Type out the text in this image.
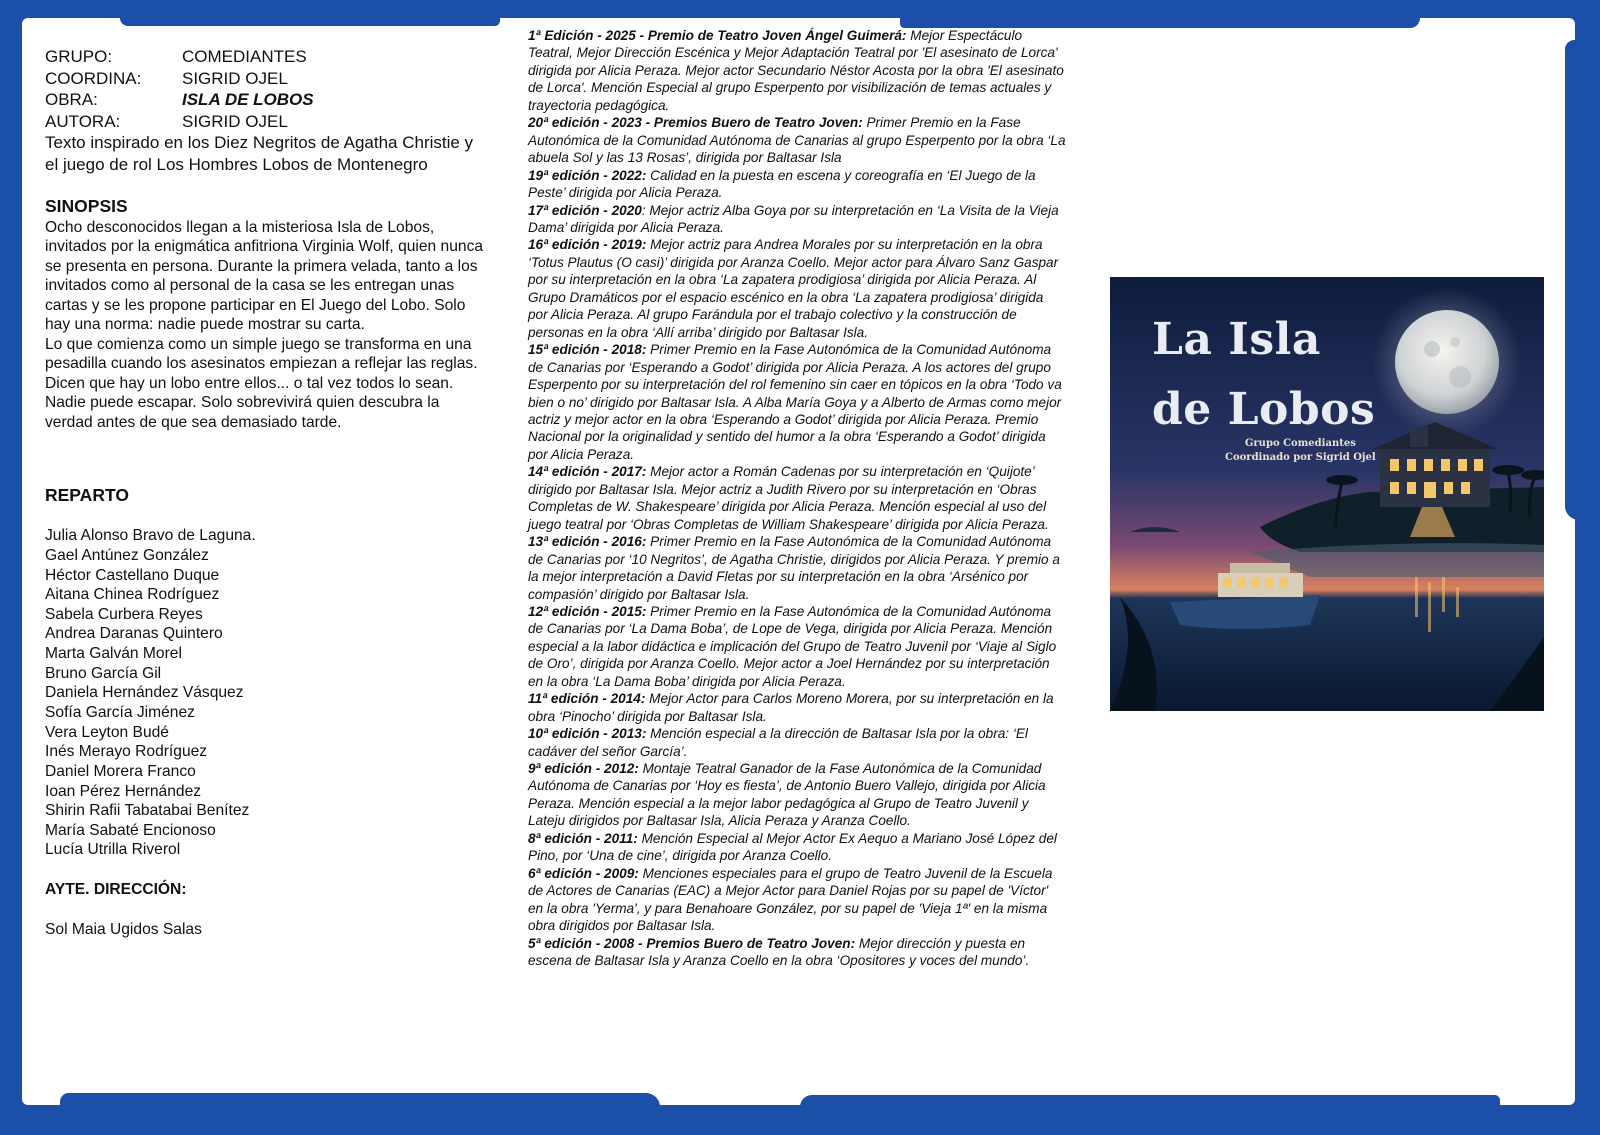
GRUPO:	COMEDIANTES
COORDINA:	SIGRID OJEL
OBRA:	ISLA DE LOBOS
AUTORA:	SIGRID OJEL
Texto inspirado en los Diez Negritos de Agatha Christie y el juego de rol Los Hombres Lobos de Montenegro
SINOPSIS

Ocho desconocidos llegan a la misteriosa Isla de Lobos, invitados por la enigmática anfitriona Virginia Wolf, quien nunca se presenta en persona. Durante la primera velada, tanto a los invitados como al personal de la casa se les entregan unas cartas y se les propone participar en El Juego del Lobo. Solo hay una norma: nadie puede mostrar su carta.

Lo que comienza como un simple juego se transforma en una pesadilla cuando los asesinatos empiezan a reflejar las reglas. Dicen que hay un lobo entre ellos... o tal vez todos lo sean. Nadie puede escapar. Solo sobrevivirá quien descubra la verdad antes de que sea demasiado tarde.

REPARTO
Julia Alonso Bravo de Laguna.
Gael Antúnez González
Héctor Castellano Duque
Aitana Chinea Rodríguez
Sabela Curbera Reyes
Andrea Daranas Quintero
Marta Galván Morel
Bruno García Gil
Daniela Hernández Vásquez
Sofía García Jiménez
Vera Leyton Budé
Inés Merayo Rodríguez
Daniel Morera Franco
Ioan Pérez Hernández
Shirin Rafii Tabatabai Benítez
María Sabaté Encionoso
Lucía Utrilla Riverol
AYTE. DIRECCIÓN:
Sol Maia Ugidos Salas

1ª Edición - 2025 - Premio de Teatro Joven Ángel Guimerá: Mejor Espectáculo Teatral, Mejor Dirección Escénica y Mejor Adaptación Teatral por 'El asesinato de Lorca' dirigida por Alicia Peraza. Mejor actor Secundario Néstor Acosta por la obra 'El asesinato de Lorca'. Mención Especial al grupo Esperpento por visibilización de temas actuales y trayectoria pedagógica.

20ª edición - 2023 - Premios Buero de Teatro Joven: Primer Premio en la Fase Autonómica de la Comunidad Autónoma de Canarias al grupo Esperpento por la obra ‘La abuela Sol y las 13 Rosas’, dirigida por Baltasar Isla

19ª edición - 2022: Calidad en la puesta en escena y coreografía en ‘El Juego de la Peste’ dirigida por Alicia Peraza.

17ª edición - 2020: Mejor actriz Alba Goya por su interpretación en ‘La Visita de la Vieja Dama’ dirigida por Alicia Peraza.

16ª edición - 2019: Mejor actriz para Andrea Morales por su interpretación en la obra ‘Totus Plautus (O casi)’ dirigida por Aranza Coello. Mejor actor para Álvaro Sanz Gaspar por su interpretación en la obra ‘La zapatera prodigiosa’ dirigida por Alicia Peraza. Al Grupo Dramáticos por el espacio escénico en la obra ‘La zapatera prodigiosa’ dirigida por Alicia Peraza. Al grupo Farándula por el trabajo colectivo y la construcción de personas en la obra ‘Allí arriba’ dirigido por Baltasar Isla.

15ª edición - 2018: Primer Premio en la Fase Autonómica de la Comunidad Autónoma de Canarias por ‘Esperando a Godot’ dirigida por Alicia Peraza. A los actores del grupo Esperpento por su interpretación del rol femenino sin caer en tópicos en la obra ‘Todo va bien o no’ dirigido por Baltasar Isla. A Alba María Goya y a Alberto de Armas como mejor actriz y mejor actor en la obra ‘Esperando a Godot’ dirigida por Alicia Peraza. Premio Nacional por la originalidad y sentido del humor a la obra ‘Esperando a Godot’ dirigida por Alicia Peraza.

14ª edición - 2017: Mejor actor a Román Cadenas por su interpretación en ‘Quijote’ dirigido por Baltasar Isla. Mejor actriz a Judith Rivero por su interpretación en ‘Obras Completas de W. Shakespeare’ dirigida por Alicia Peraza. Mención especial al uso del juego teatral por ‘Obras Completas de William Shakespeare’ dirigida por Alicia Peraza.

13ª edición - 2016: Primer Premio en la Fase Autonómica de la Comunidad Autónoma de Canarias por ‘10 Negritos’, de Agatha Christie, dirigidos por Alicia Peraza. Y premio a la mejor interpretación a David Fletas por su interpretación en la obra ‘Arsénico por compasión’ dirigido por Baltasar Isla.

12ª edición - 2015: Primer Premio en la Fase Autonómica de la Comunidad Autónoma de Canarias por ‘La Dama Boba’, de Lope de Vega, dirigida por Alicia Peraza. Mención especial a la labor didáctica e implicación del Grupo de Teatro Juvenil por ‘Viaje al Siglo de Oro’, dirigida por Aranza Coello. Mejor actor a Joel Hernández por su interpretación en la obra ‘La Dama Boba’ dirigida por Alicia Peraza.

11ª edición - 2014: Mejor Actor para Carlos Moreno Morera, por su interpretación en la obra ‘Pinocho’ dirigida por Baltasar Isla.

10ª edición - 2013: Mención especial a la dirección de Baltasar Isla por la obra: ‘El cadáver del señor García’.

9ª edición - 2012: Montaje Teatral Ganador de la Fase Autonómica de la Comunidad Autónoma de Canarias por ‘Hoy es fiesta’, de Antonio Buero Vallejo, dirigida por Alicia Peraza. Mención especial a la mejor labor pedagógica al Grupo de Teatro Juvenil y Lateju dirigidos por Baltasar Isla, Alicia Peraza y Aranza Coello.

8ª edición - 2011: Mención Especial al Mejor Actor Ex Aequo a Mariano José López del Pino, por ‘Una de cine’, dirigida por Aranza Coello.

6ª edición - 2009: Menciones especiales para el grupo de Teatro Juvenil de la Escuela de Actores de Canarias (EAC) a Mejor Actor para Daniel Rojas por su papel de 'Víctor' en la obra 'Yerma', y para Benahoare González, por su papel de 'Vieja 1ª' en la misma obra dirigidos por Baltasar Isla.

5ª edición - 2008 - Premios Buero de Teatro Joven: Mejor dirección y puesta en escena de Baltasar Isla y Aranza Coello en la obra ‘Opositores y voces del mundo’.

La Isla
de Lobos
Grupo Comediantes
Coordinado por Sigrid Ojel
